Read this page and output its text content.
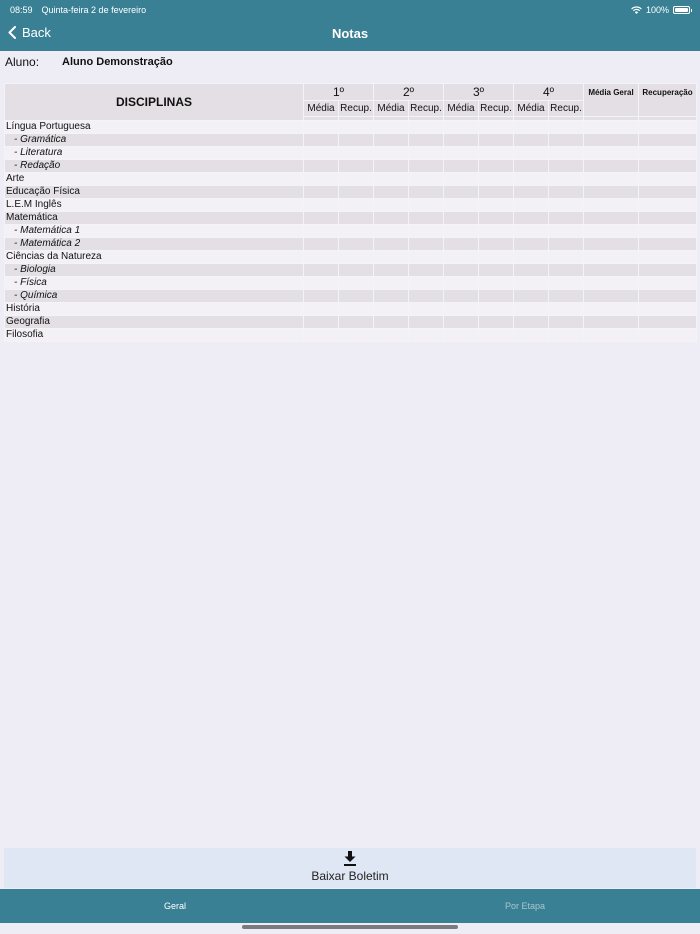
08:59 Quinta-feira 2 de fevereiro	100%
Back	Notas
Aluno: Aluno Demonstração
DISCIPLINAS	1º		2º		3º		4º		Média Geral	Recuperação
	Média	Recup.	Média	Recup.	Média	Recup.	Média	Recup.		

Língua Portuguesa										
- Gramática										
- Literatura										
- Redação										
Arte										
Educação Física										
L.E.M Inglês										
Matemática										
- Matemática 1										
- Matemática 2										
Ciências da Natureza										
- Biologia										
- Física										
- Química										
História										
Geografia										
Filosofia										
Baixar Boletim
Geral	Por Etapa
